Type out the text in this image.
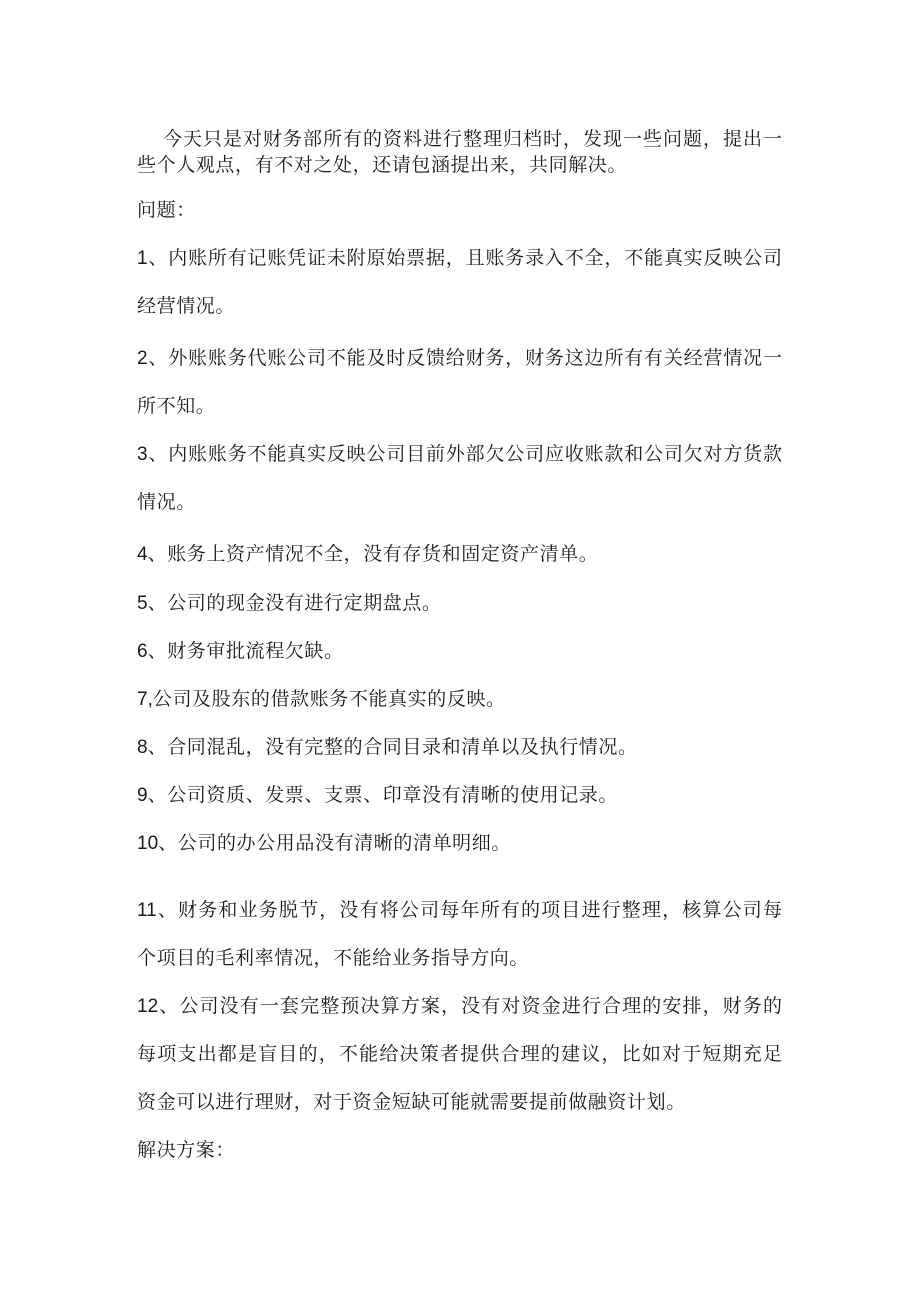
今天只是对财务部所有的资料进行整理归档时，发现一些问题，提出一
些个人观点，有不对之处，还请包涵提出来，共同解决。
问题：
1、内账所有记账凭证未附原始票据，且账务录入不全，不能真实反映公司
经营情况。
2、外账账务代账公司不能及时反馈给财务，财务这边所有有关经营情况一
所不知。
3、内账账务不能真实反映公司目前外部欠公司应收账款和公司欠对方货款
情况。
4、账务上资产情况不全，没有存货和固定资产清单。
5、公司的现金没有进行定期盘点。
6、财务审批流程欠缺。
7,公司及股东的借款账务不能真实的反映。
8、合同混乱，没有完整的合同目录和清单以及执行情况。
9、公司资质、发票、支票、印章没有清晰的使用记录。
10、公司的办公用品没有清晰的清单明细。
11、财务和业务脱节，没有将公司每年所有的项目进行整理，核算公司每
个项目的毛利率情况，不能给业务指导方向。
12、公司没有一套完整预决算方案，没有对资金进行合理的安排，财务的
每项支出都是盲目的，不能给决策者提供合理的建议，比如对于短期充足
资金可以进行理财，对于资金短缺可能就需要提前做融资计划。
解决方案：
